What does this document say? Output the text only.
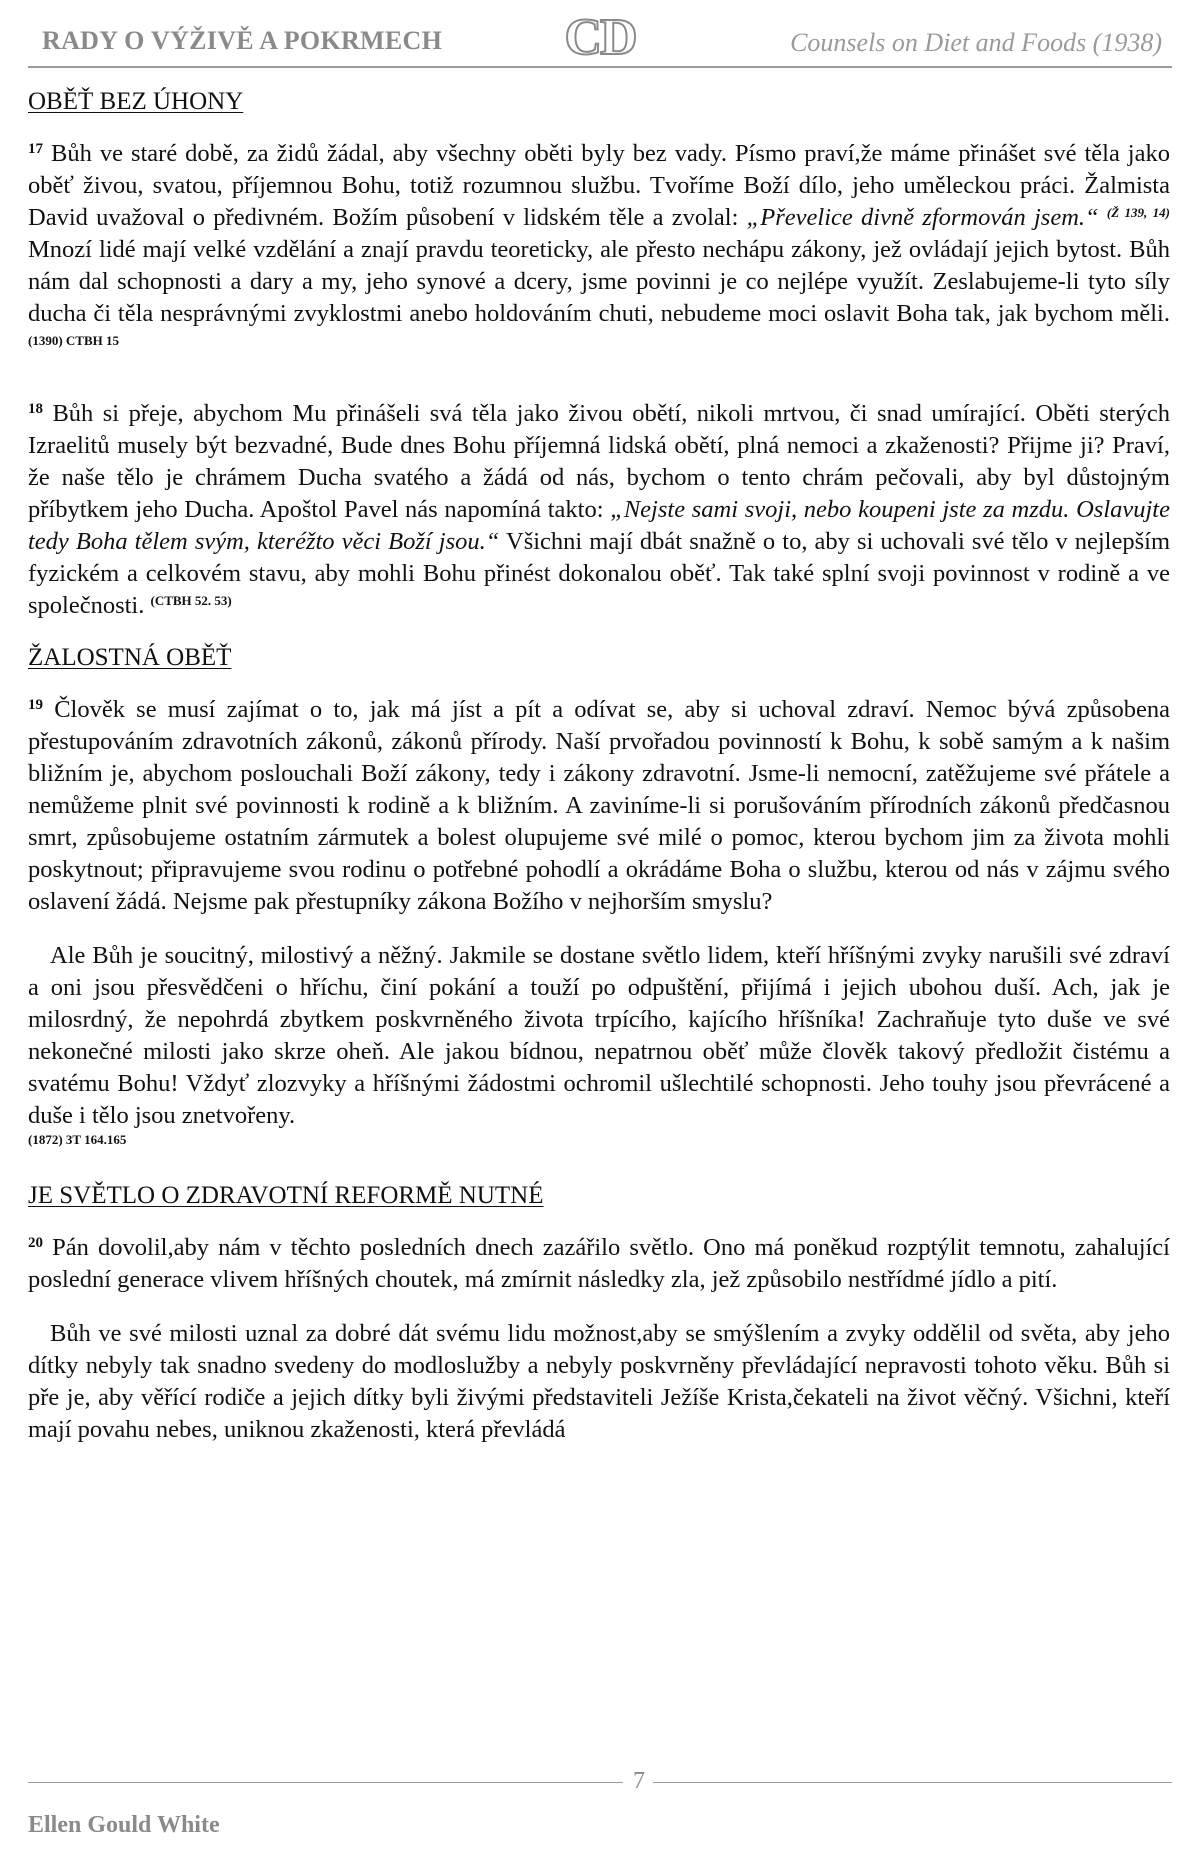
RADY O VÝŽIVĚ A POKRMECH CD	Counsels on Diet and Foods (1938)
OBĚŤ BEZ ÚHONY

$^{17}$ Bůh ve staré době, za židů žádal, aby všechny oběti byly bez vady. Písmo praví,že máme přinášet své těla jako oběť živou, svatou, příjemnou Bohu, totiž rozumnou službu. Tvoříme Boží dílo, jeho uměleckou práci. Žalmista David uvažoval o předivném. Božím působení v lidském těle a zvolal: „Převelice divně zformován jsem.“ $^{(Ž 139, 14)}$ Mnozí lidé mají velké vzdělání a znají pravdu teoreticky, ale přesto nechápu zákony, jež ovládají jejich bytost. Bůh nám dal schopnosti a dary a my, jeho synové a dcery, jsme povinni je co nejlépe využít. Zeslabujeme-li tyto síly ducha či těla nesprávnými zvyklostmi anebo holdováním chuti, nebudeme moci oslavit Boha tak, jak bychom měli. $^{(1390) CTBH 15}$

$^{18}$ Bůh si přeje, abychom Mu přinášeli svá těla jako živou obětí, nikoli mrtvou, či snad umírající. Oběti sterých Izraelitů musely být bezvadné, Bude dnes Bohu příjemná lidská obětí, plná nemoci a zkaženosti? Přijme ji? Praví, že naše tělo je chrámem Ducha svatého a žádá od nás, bychom o tento chrám pečovali, aby byl důstojným příbytkem jeho Ducha. Apoštol Pavel nás napomíná takto: „Nejste sami svoji, nebo koupeni jste za mzdu. Oslavujte tedy Boha tělem svým, kteréžto věci Boží jsou.“ Všichni mají dbát snažně o to, aby si uchovali své tělo v nejlepším fyzickém a celkovém stavu, aby mohli Bohu přinést dokonalou oběť. Tak také splní svoji povinnost v rodině a ve společnosti. $^{(CTBH 52. 53)}$

ŽALOSTNÁ OBĚŤ

$^{19}$ Člověk se musí zajímat o to, jak má jíst a pít a odívat se, aby si uchoval zdraví. Nemoc bývá způsobena přestupováním zdravotních zákonů, zákonů přírody. Naší prvořadou povinností k Bohu, k sobě samým a k našim bližním je, abychom poslouchali Boží zákony, tedy i zákony zdravotní. Jsme-li nemocní, zatěžujeme své přátele a nemůžeme plnit své povinnosti k rodině a k bližním. A zaviníme-li si porušováním přírodních zákonů předčasnou smrt, způsobujeme ostatním zármutek a bolest olupujeme své milé o pomoc, kterou bychom jim za života mohli poskytnout; připravujeme svou rodinu o potřebné pohodlí a okrádáme Boha o službu, kterou od nás v zájmu svého oslavení žádá. Nejsme pak přestupníky zákona Božího v nejhorším smyslu?

Ale Bůh je soucitný, milostivý a něžný. Jakmile se dostane světlo lidem, kteří hříšnými zvyky narušili své zdraví a oni jsou přesvědčeni o hříchu, činí pokání a touží po odpuštění, přijímá i jejich ubohou duší. Ach, jak je milosrdný, že nepohrdá zbytkem poskvrněného života trpícího, kajícího hříšníka! Zachraňuje tyto duše ve své nekonečné milosti jako skrze oheň. Ale jakou bídnou, nepatrnou oběť může člověk takový předložit čistému a svatému Bohu! Vždyť zlozvyky a hříšnými žádostmi ochromil ušlechtilé schopnosti. Jeho touhy jsou převrácené a duše i tělo jsou znetvořeny.

(1872) 3T 164.165
JE SVĚTLO O ZDRAVOTNÍ REFORMĚ NUTNÉ

$^{20}$ Pán dovolil,aby nám v těchto posledních dnech zazářilo světlo. Ono má poněkud rozptýlit temnotu, zahalující poslední generace vlivem hříšných choutek, má zmírnit následky zla, jež způsobilo nestřídmé jídlo a pití.

Bůh ve své milosti uznal za dobré dát svému lidu možnost,aby se smýšlením a zvyky oddělil od světa, aby jeho dítky nebyly tak snadno svedeny do modloslužby a nebyly poskvrněny převládající nepravosti tohoto věku. Bůh si pře je, aby věřící rodiče a jejich dítky byli živými představiteli Ježíše Krista,čekateli na život věčný. Všichni, kteří mají povahu nebes, uniknou zkaženosti, která převládá

7
Ellen Gould White
